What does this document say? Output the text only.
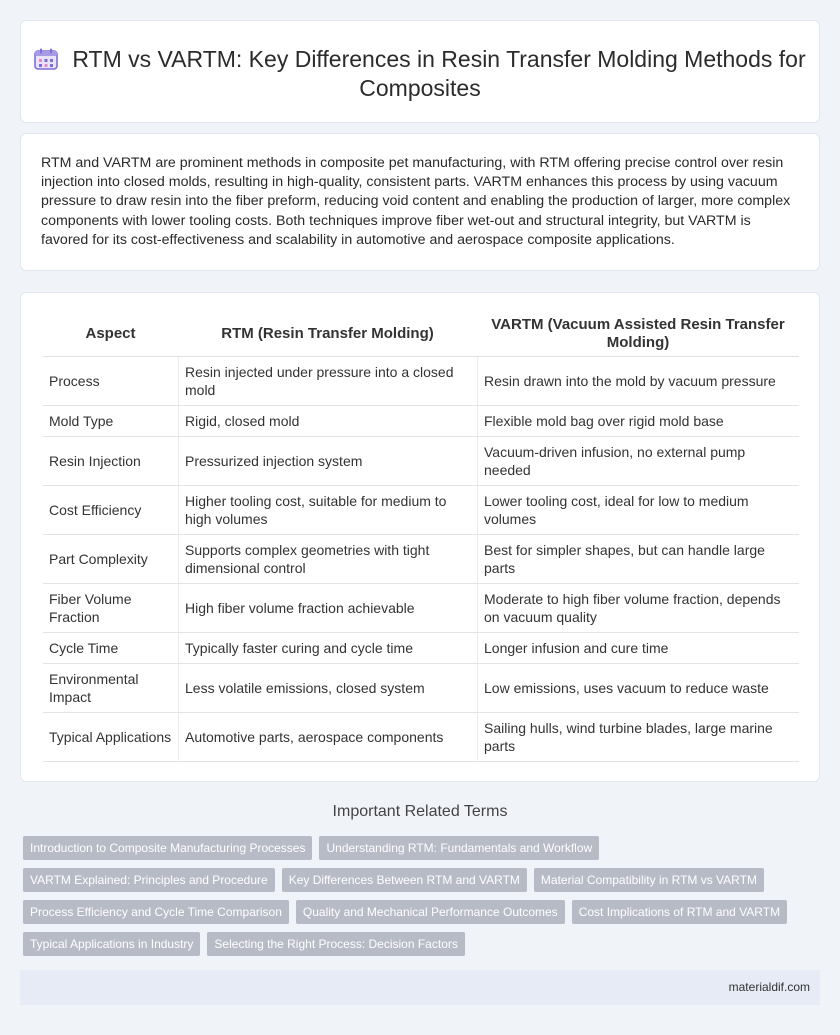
RTM vs VARTM: Key Differences in Resin Transfer Molding Methods for Composites

RTM and VARTM are prominent methods in composite pet manufacturing, with RTM offering precise control over resin injection into closed molds, resulting in high-quality, consistent parts. VARTM enhances this process by using vacuum pressure to draw resin into the fiber preform, reducing void content and enabling the production of larger, more complex components with lower tooling costs. Both techniques improve fiber wet-out and structural integrity, but VARTM is favored for its cost-effectiveness and scalability in automotive and aerospace composite applications.

Aspect	RTM (Resin Transfer Molding)	VARTM (Vacuum Assisted Resin Transfer Molding)
Process	Resin injected under pressure into a closed mold	Resin drawn into the mold by vacuum pressure
Mold Type	Rigid, closed mold	Flexible mold bag over rigid mold base
Resin Injection	Pressurized injection system	Vacuum-driven infusion, no external pump needed
Cost Efficiency	Higher tooling cost, suitable for medium to high volumes	Lower tooling cost, ideal for low to medium volumes
Part Complexity	Supports complex geometries with tight dimensional control	Best for simpler shapes, but can handle large parts
Fiber Volume Fraction	High fiber volume fraction achievable	Moderate to high fiber volume fraction, depends on vacuum quality
Cycle Time	Typically faster curing and cycle time	Longer infusion and cure time
Environmental Impact	Less volatile emissions, closed system	Low emissions, uses vacuum to reduce waste
Typical Applications	Automotive parts, aerospace components	Sailing hulls, wind turbine blades, large marine parts
Important Related Terms
Introduction to Composite Manufacturing Processes	Understanding RTM: Fundamentals and Workflow
VARTM Explained: Principles and Procedure	Key Differences Between RTM and VARTM	Material Compatibility in RTM vs VARTM
Process Efficiency and Cycle Time Comparison	Quality and Mechanical Performance Outcomes	Cost Implications of RTM and VARTM
Typical Applications in Industry	Selecting the Right Process: Decision Factors
materialdif.com
